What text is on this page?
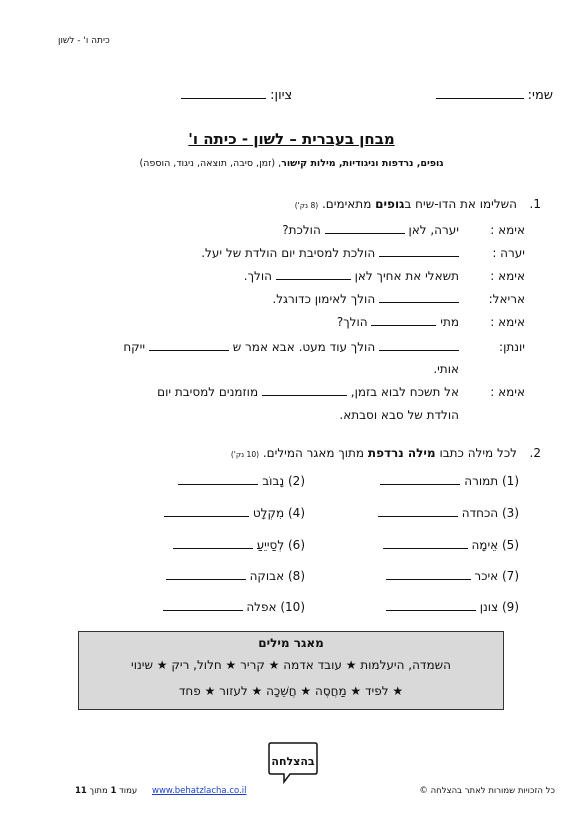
כיתה ו' - לשון
שמי:   ציון:
מבחן בעברית – לשון - כיתה ו'
גופים, נרדפות וניגודיות, מילות קישור, (זמן, סיבה, תוצאה, ניגוד, הוספה)
1.
השלימו את הדו-שיח בגופים מתאימים. (8 נק')
אימא :
יערה, לאן  הולכת?
יערה :
הולכת למסיבת יום הולדת של יעל.
אימא :
תשאלי את אחיך לאן  הולך.
אריאל:
הולך לאימון כדורגל.
אימא :
מתי  הולך?
יונתן:
הולך עוד מעט. אבא אמר ש  ייקח
אותי.
אימא :
אל תשכח לבוא בזמן,  מוזמנים למסיבת יום
הולדת של סבא וסבתא.
2.
לכל מילה כתבו מילה נרדפת מתוך מאגר המילים. (10 נק')
(1) תמורה
(2) נָבוֹב
(3) הכחדה
(4) מִקְלָט
(5) אֵימָה
(6) לְסַייֵעַ
(7) איכר
(8) אבוקה
(9) צונן
(10) אפלה
מאגר מילים
השמדה, היעלמות ★ עובד אדמה ★ קריר ★ חלול, ריק ★ שינוי
★ לפיד ★ מַחֲסֶה ★ חֲשֵׁכָה ★ לעזור ★ פחד
בהצלחה
כל הזכויות שמורות לאתר בהצלחה ©
www.behatzlacha.co.il
עמוד 1 מתוך 11
